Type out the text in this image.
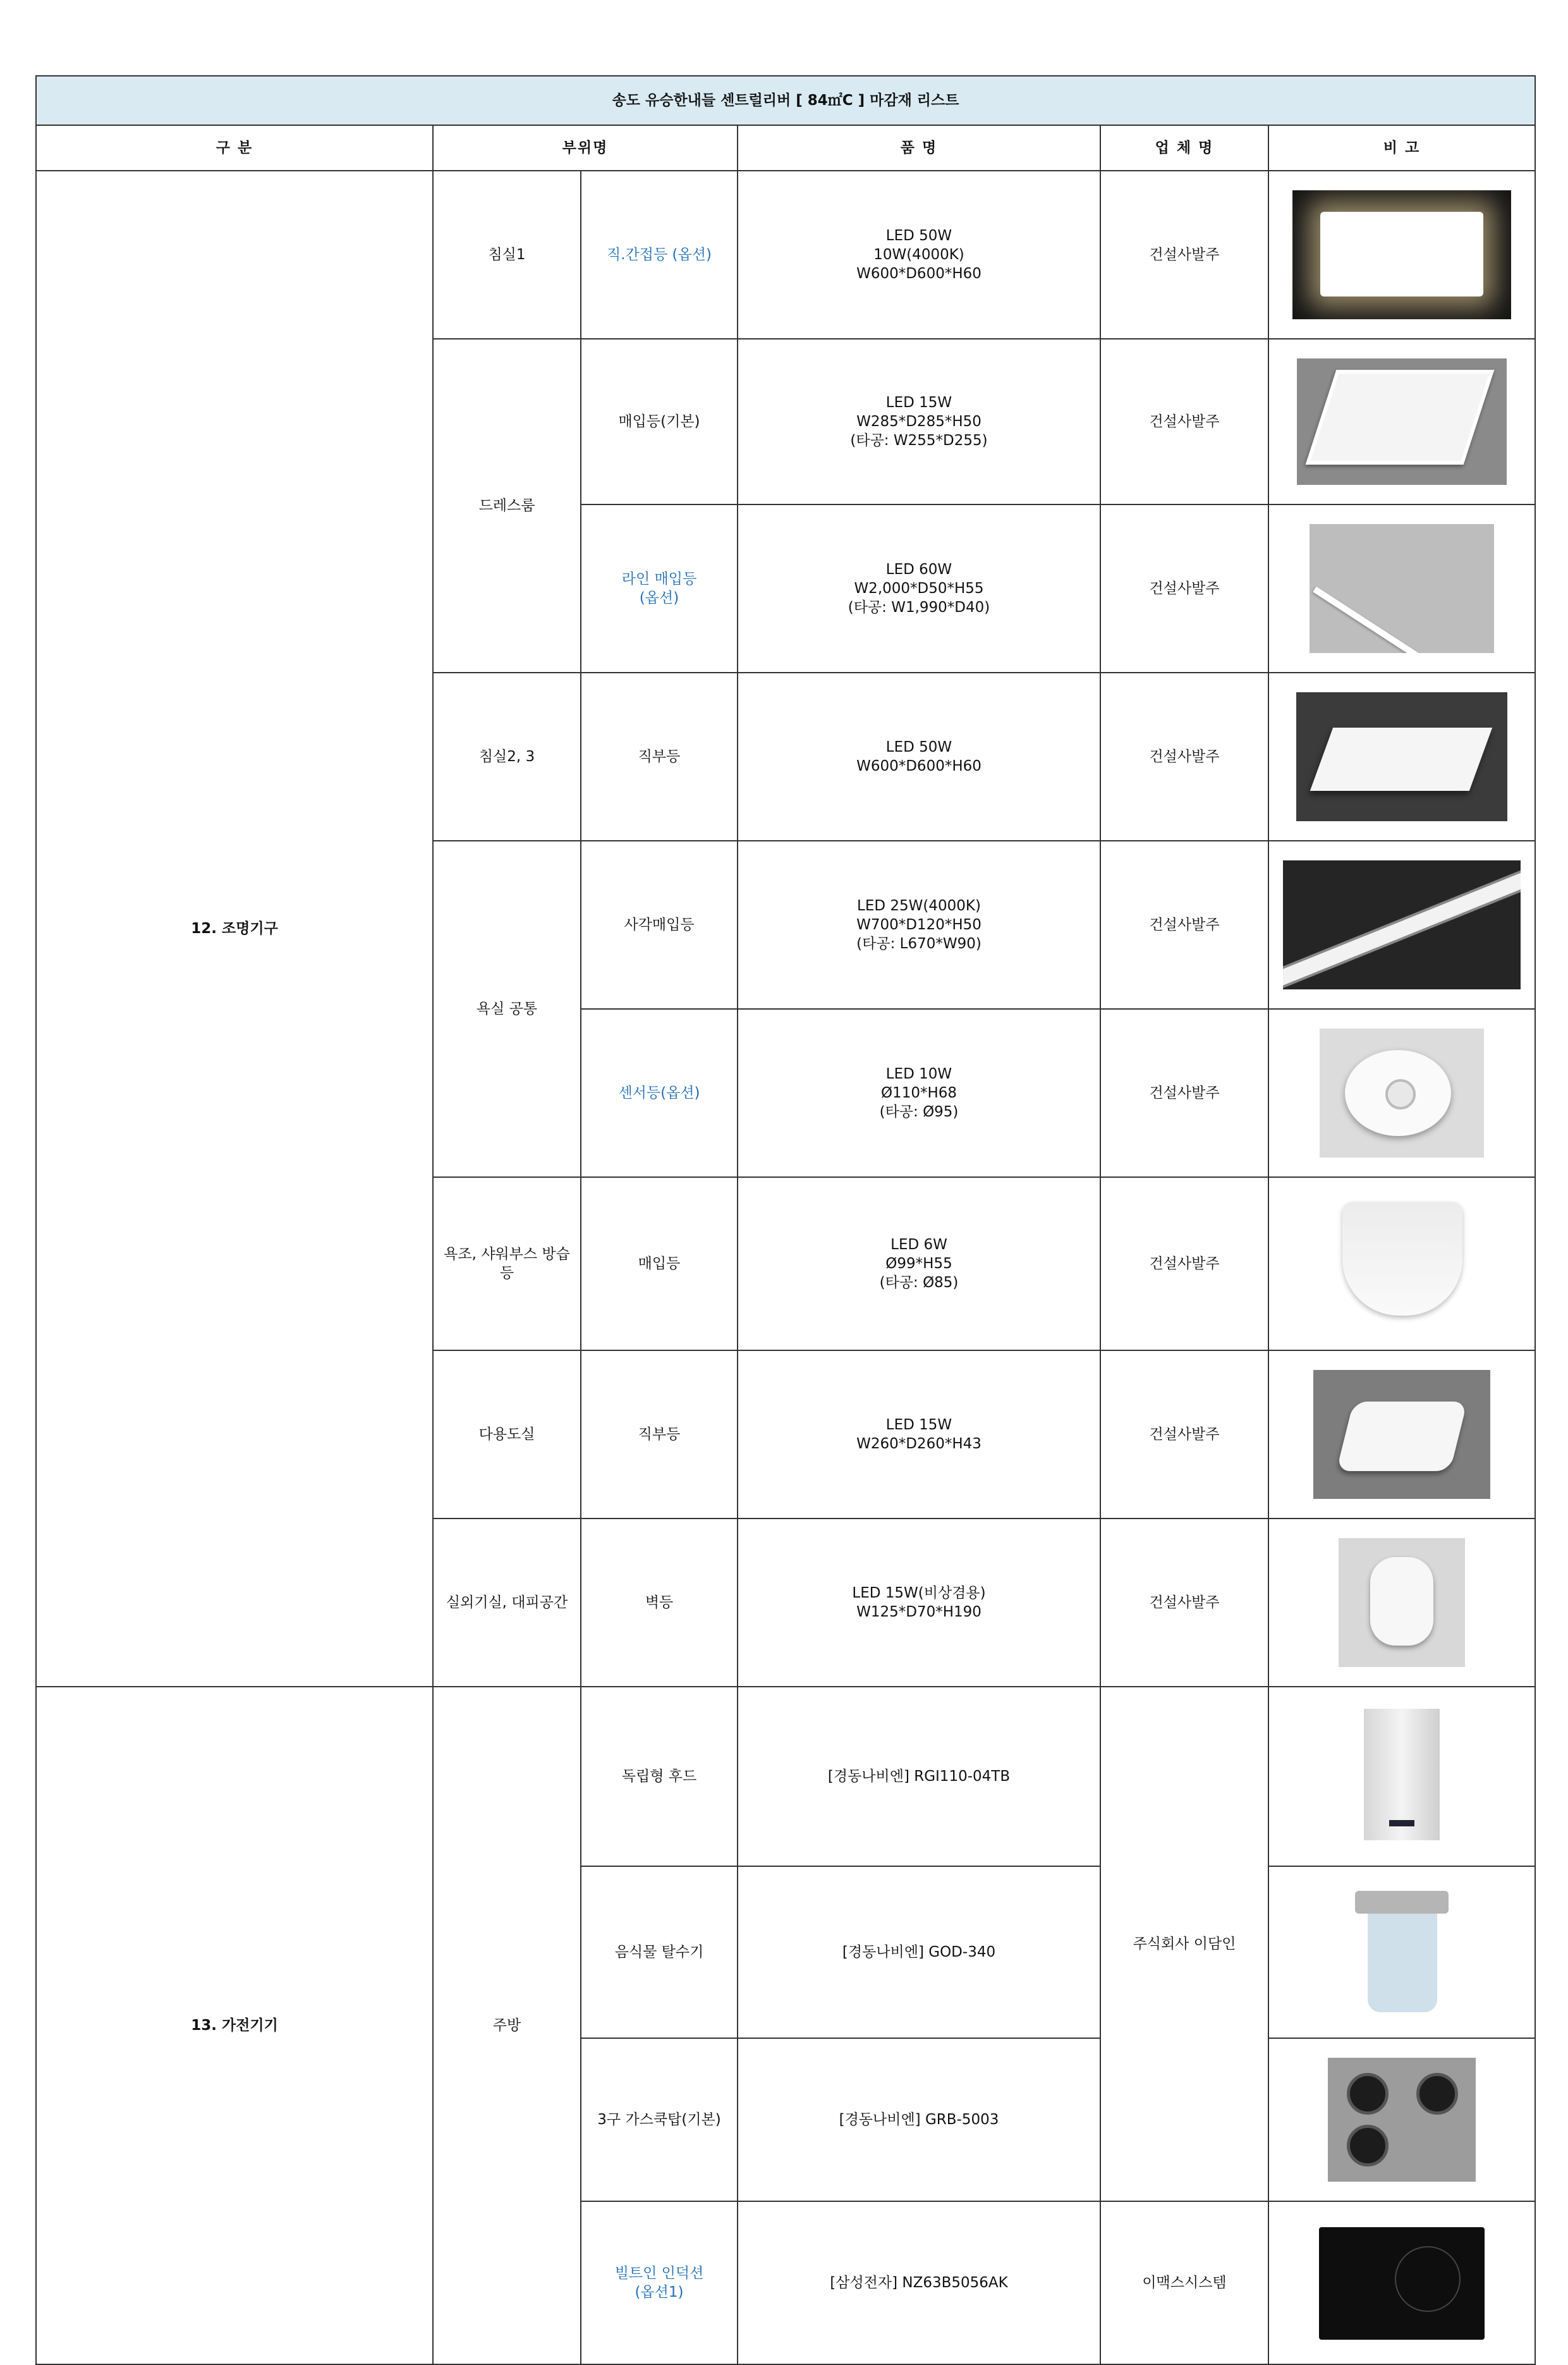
송도 유승한내들 센트럴리버 [ 84㎡C ] 마감재 리스트					
구 분	부위명		품 명	업 체 명	비 고
12. 조명기구	침실1	직.간접등 (옵션)	LED 50W
10W(4000K)
W600*D600*H60	건설사발주	

	드레스룸	매입등(기본)	LED 15W
W285*D285*H50
(타공: W255*D255)	건설사발주	

		라인 매입등
(옵션)	LED 60W
W2,000*D50*H55
(타공: W1,990*D40)	건설사발주	

	침실2, 3	직부등	LED 50W
W600*D600*H60	건설사발주	

	욕실 공통	사각매입등	LED 25W(4000K)
W700*D120*H50
(타공: L670*W90)	건설사발주	

		센서등(옵션)	LED 10W
Ø110*H68
(타공: Ø95)	건설사발주	

	욕조, 샤워부스 방습등	매입등	LED 6W
Ø99*H55
(타공: Ø85)	건설사발주	

	다용도실	직부등	LED 15W
W260*D260*H43	건설사발주	

	실외기실, 대피공간	벽등	LED 15W(비상겸용)
W125*D70*H190	건설사발주	

13. 가전기기	주방	독립형 후드	[경동나비엔] RGI110-04TB	주식회사 이담인	

		음식물 탈수기	[경동나비엔] GOD-340		

		3구 가스쿡탑(기본)	[경동나비엔] GRB-5003		

		빌트인 인덕션
(옵션1)	[삼성전자] NZ63B5056AK	이맥스시스템	
